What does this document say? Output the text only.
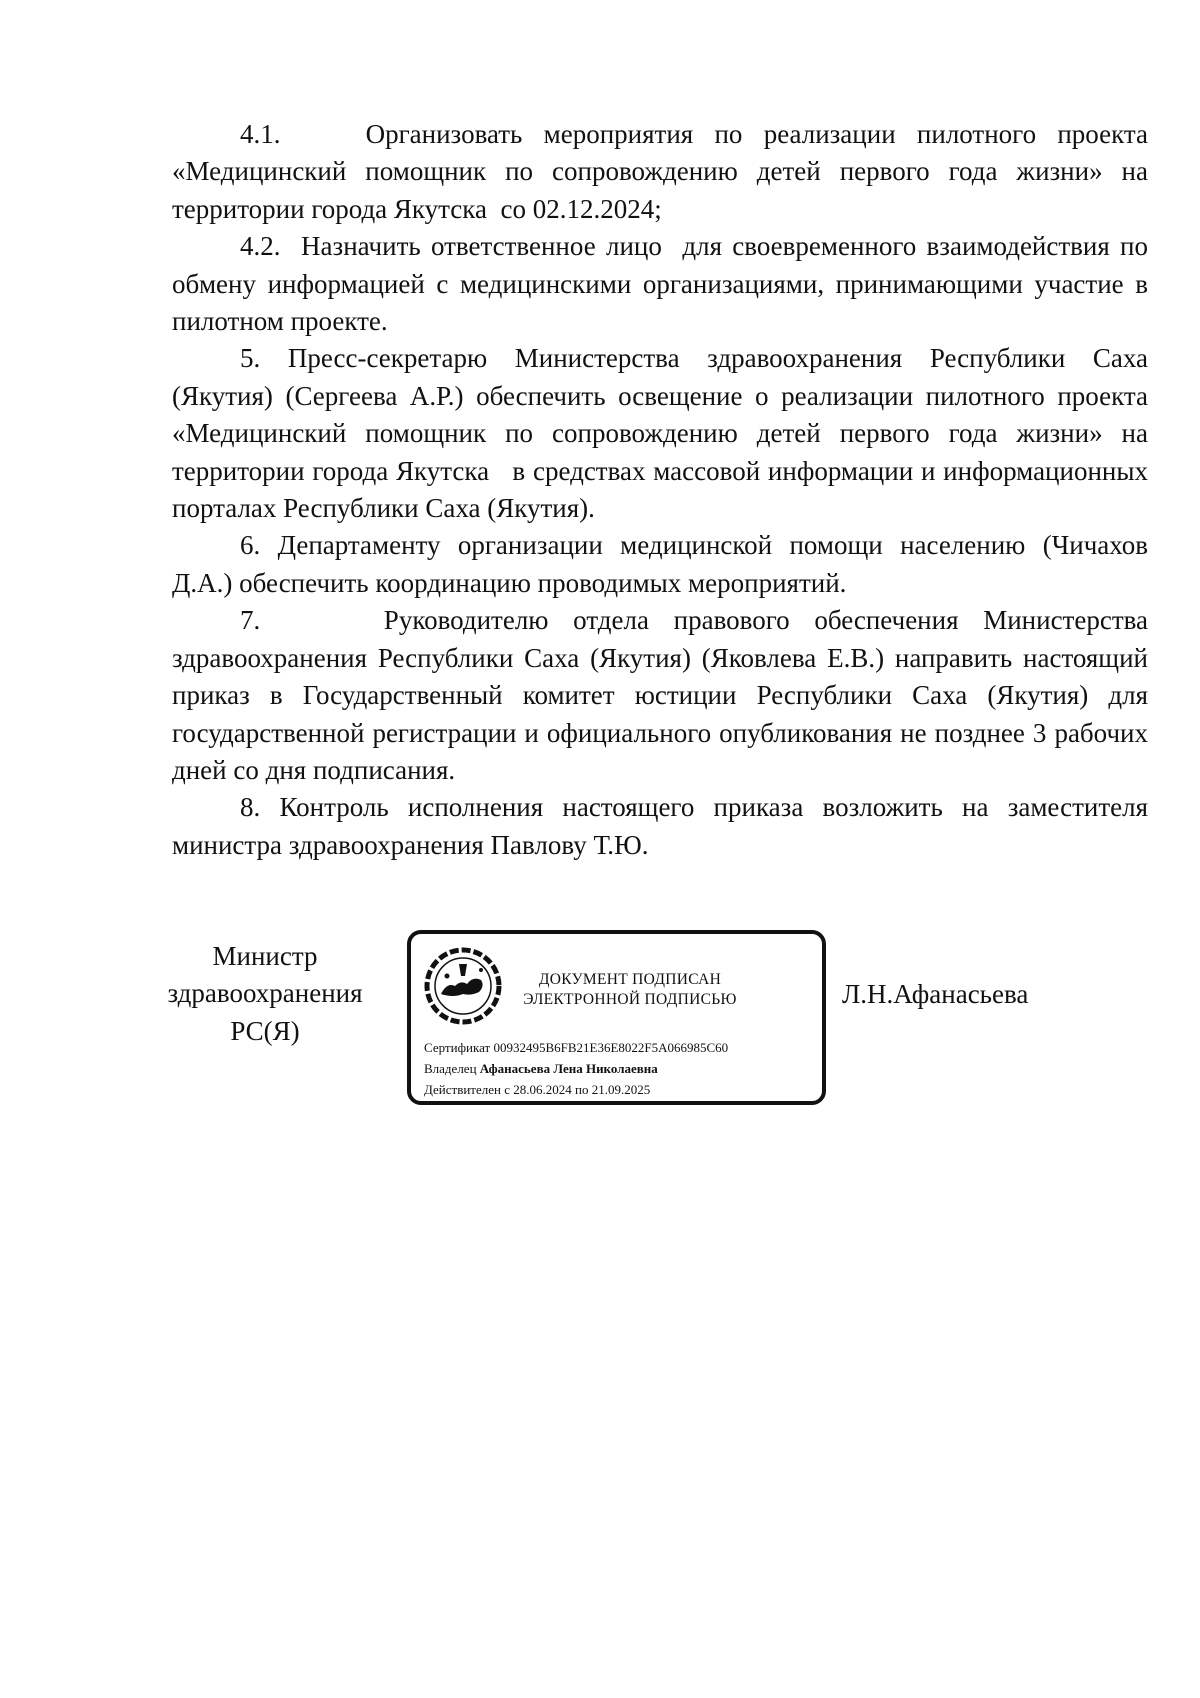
4.1.    Организовать мероприятия по реализации пилотного проекта «Медицинский помощник по сопровождению детей первого года жизни» на территории города Якутска  со 02.12.2024;

4.2.  Назначить ответственное лицо  для своевременного взаимодействия по обмену информацией с медицинскими организациями, принимающими участие в пилотном проекте.

5. Пресс-секретарю Министерства здравоохранения Республики Саха (Якутия) (Сергеева А.Р.) обеспечить освещение о реализации пилотного проекта «Медицинский помощник по сопровождению детей первого года жизни» на территории города Якутска   в средствах массовой информации и информационных порталах Республики Саха (Якутия).

6. Департаменту организации медицинской помощи населению (Чичахов Д.А.) обеспечить координацию проводимых мероприятий.

7.     Руководителю отдела правового обеспечения Министерства здравоохранения Республики Саха (Якутия) (Яковлева Е.В.) направить настоящий приказ в Государственный комитет юстиции Республики Саха (Якутия) для государственной регистрации и официального опубликования не позднее 3 рабочих дней со дня подписания.

8. Контроль исполнения настоящего приказа возложить на заместителя министра здравоохранения Павлову Т.Ю.

Министр
здравоохранения
РС(Я)
ДОКУМЕНТ ПОДПИСАН
ЭЛЕКТРОННОЙ ПОДПИСЬЮ
Сертификат 00932495B6FB21E36E8022F5A066985C60
Владелец Афанасьева Лена Николаевна
Действителен с 28.06.2024 по 21.09.2025
Л.Н.Афанасьева
